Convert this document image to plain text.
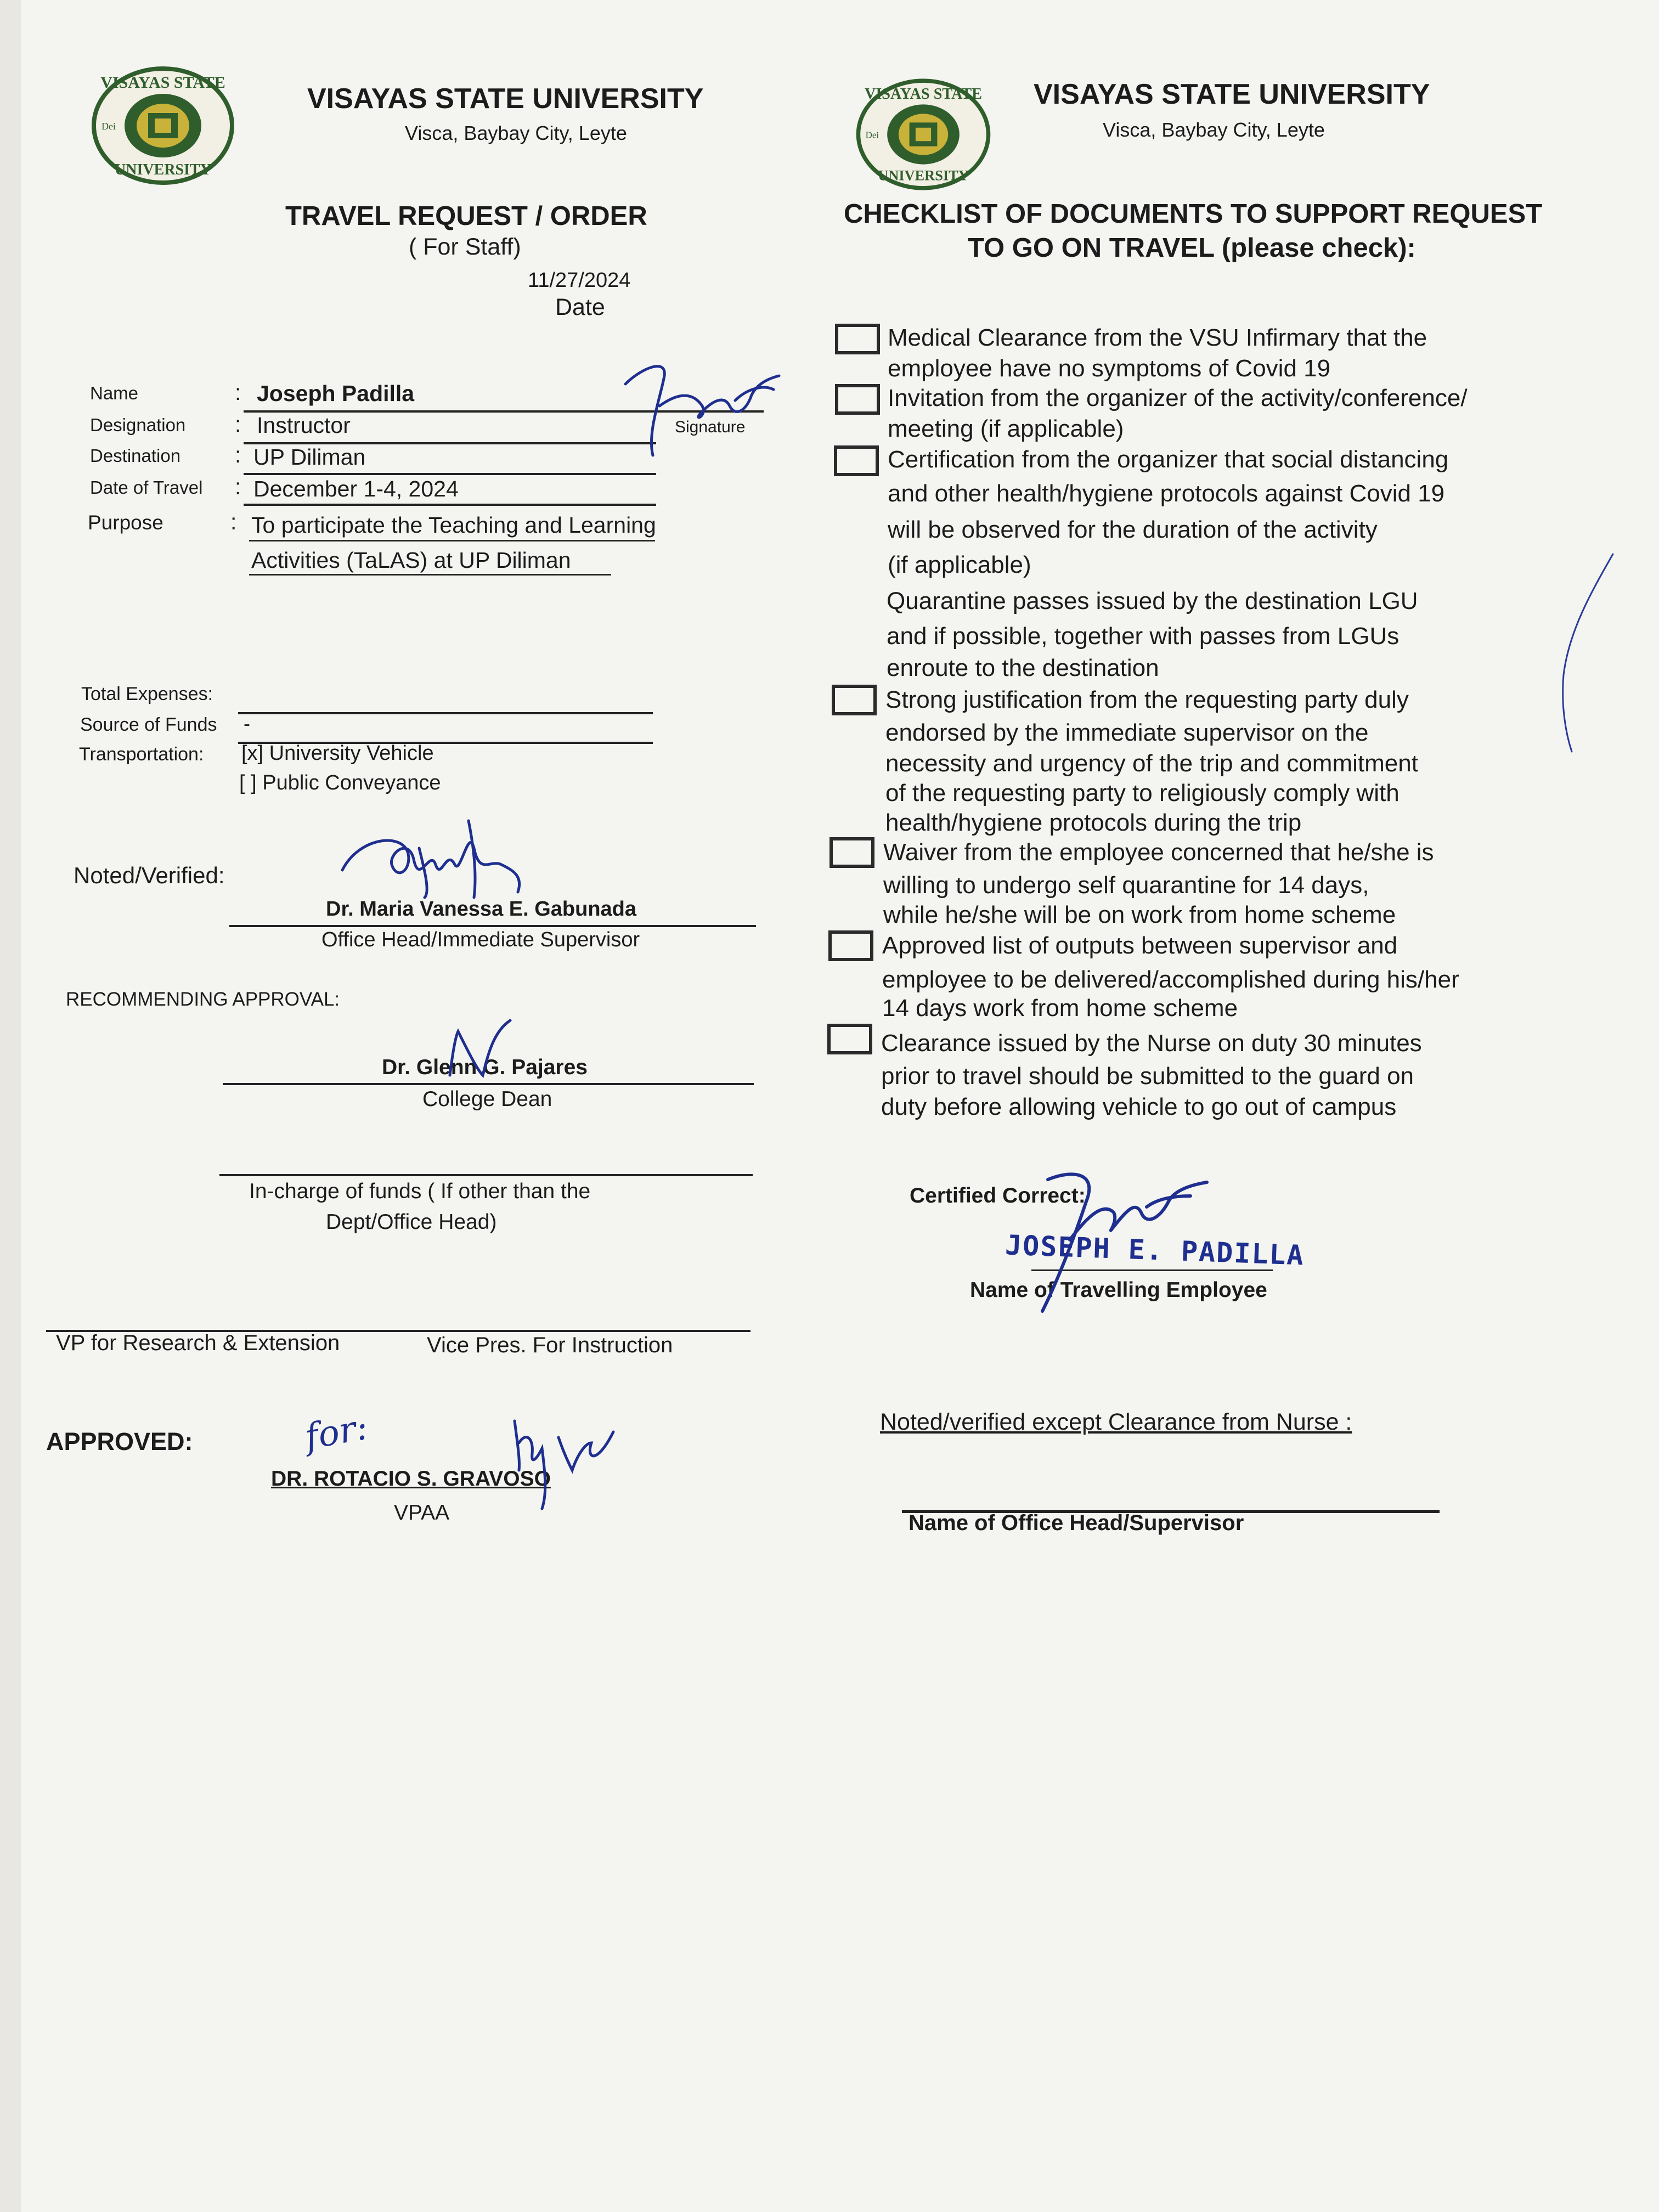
VISAYAS STATE
UNIVERSITY
Dei
VISAYAS STATE
UNIVERSITY
Dei
VISAYAS STATE UNIVERSITY
Visca, Baybay City, Leyte
TRAVEL REQUEST / ORDER
( For Staff)
11/27/2024
Date
VISAYAS STATE UNIVERSITY
Visca, Baybay City, Leyte
CHECKLIST OF DOCUMENTS TO SUPPORT REQUEST
TO GO ON TRAVEL (please check):
Name	: Joseph Padilla
Signature
Designation : Instructor
Destination : UP Diliman
Date of Travel : December 1-4, 2024
Purpose	: To participate the Teaching and Learning
Activities (TaLAS) at UP Diliman
Total Expenses:
Source of Funds -
Transportation: [x] University Vehicle
[ ] Public Conveyance
Noted/Verified:
Dr. Maria Vanessa E. Gabunada
Office Head/Immediate Supervisor
RECOMMENDING APPROVAL:
Dr. Glenn G. Pajares
College Dean
In-charge of funds ( If other than the
Dept/Office Head)
VP for Research & Extension	Vice Pres. For Instruction
APPROVED:
DR. ROTACIO S. GRAVOSO
VPAA
for:
Medical Clearance from the VSU Infirmary that the
employee have no symptoms of Covid 19
Invitation from the organizer of the activity/conference/
meeting (if applicable)
Certification from the organizer that social distancing
and other health/hygiene protocols against Covid 19
will be observed for the duration of the activity
(if applicable)
Quarantine passes issued by the destination LGU
and if possible, together with passes from LGUs
enroute to the destination
Strong justification from the requesting party duly
endorsed by the immediate supervisor on the
necessity and urgency of the trip and commitment
of the requesting party to religiously comply with
health/hygiene protocols during the trip
Waiver from the employee concerned that he/she is
willing to undergo self quarantine for 14 days,
while he/she will be on work from home scheme
Approved list of outputs between supervisor and
employee to be delivered/accomplished during his/her
14 days work from home scheme
Clearance issued by the Nurse on duty 30 minutes
prior to travel should be submitted to the guard on
duty before allowing vehicle to go out of campus
Certified Correct:
JOSEPH E. PADILLA
Name of Travelling Employee
Noted/verified except Clearance from Nurse :
Name of Office Head/Supervisor
